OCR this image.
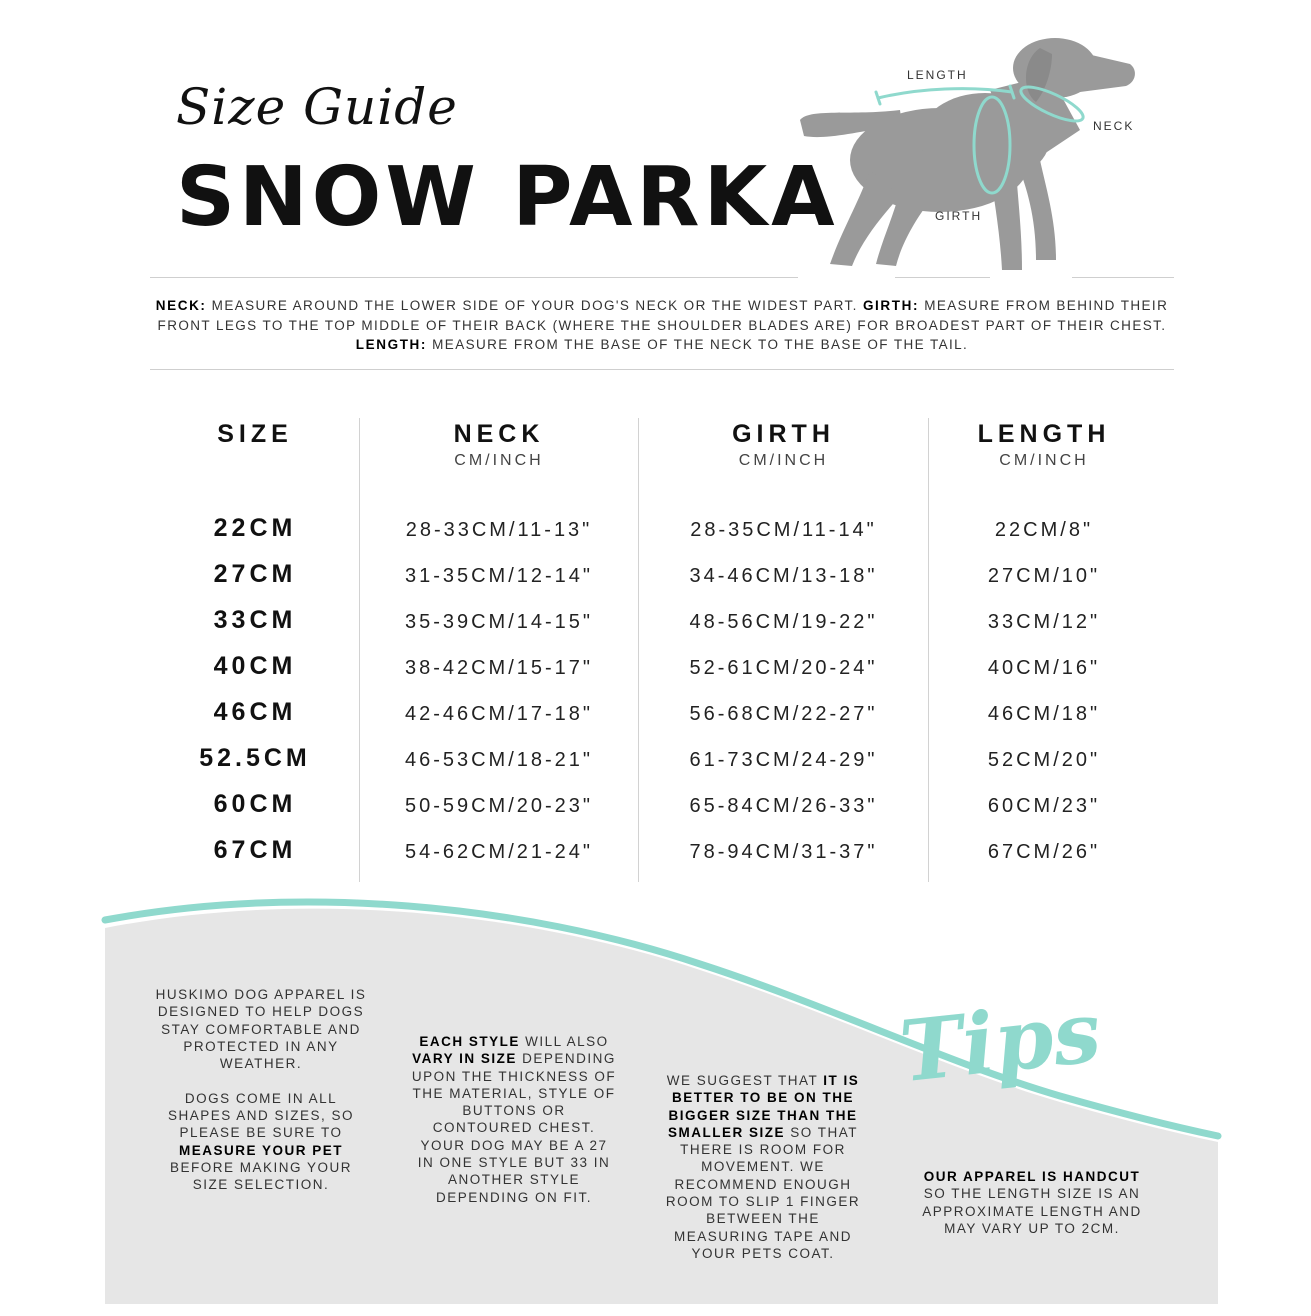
Size Guide
SNOW PARKA
LENGTH
NECK
GIRTH
NECK: MEASURE AROUND THE LOWER SIDE OF YOUR DOG'S NECK OR THE WIDEST PART. GIRTH: MEASURE FROM BEHIND THEIR FRONT LEGS TO THE TOP MIDDLE OF THEIR BACK (WHERE THE SHOULDER BLADES ARE) FOR BROADEST PART OF THEIR CHEST.
LENGTH: MEASURE FROM THE BASE OF THE NECK TO THE BASE OF THE TAIL.
SIZE
22CM
27CM
33CM
40CM
46CM
52.5CM
60CM
67CM
NECK
CM/INCH
28-33CM/11-13"
31-35CM/12-14"
35-39CM/14-15"
38-42CM/15-17"
42-46CM/17-18"
46-53CM/18-21"
50-59CM/20-23"
54-62CM/21-24"
GIRTH
CM/INCH
28-35CM/11-14"
34-46CM/13-18"
48-56CM/19-22"
52-61CM/20-24"
56-68CM/22-27"
61-73CM/24-29"
65-84CM/26-33"
78-94CM/31-37"
LENGTH
CM/INCH
22CM/8"
27CM/10"
33CM/12"
40CM/16"
46CM/18"
52CM/20"
60CM/23"
67CM/26"
Tips
HUSKIMO DOG APPAREL IS DESIGNED TO HELP DOGS STAY COMFORTABLE AND PROTECTED IN ANY WEATHER.

DOGS COME IN ALL SHAPES AND SIZES, SO PLEASE BE SURE TO MEASURE YOUR PET BEFORE MAKING YOUR SIZE SELECTION.
EACH STYLE WILL ALSO VARY IN SIZE DEPENDING UPON THE THICKNESS OF THE MATERIAL, STYLE OF BUTTONS OR CONTOURED CHEST. YOUR DOG MAY BE A 27 IN ONE STYLE BUT 33 IN ANOTHER STYLE DEPENDING ON FIT.
WE SUGGEST THAT IT IS BETTER TO BE ON THE BIGGER SIZE THAN THE SMALLER SIZE SO THAT THERE IS ROOM FOR MOVEMENT. WE RECOMMEND ENOUGH ROOM TO SLIP 1 FINGER BETWEEN THE MEASURING TAPE AND YOUR PETS COAT.
OUR APPAREL IS HANDCUT SO THE LENGTH SIZE IS AN APPROXIMATE LENGTH AND MAY VARY UP TO 2CM.
